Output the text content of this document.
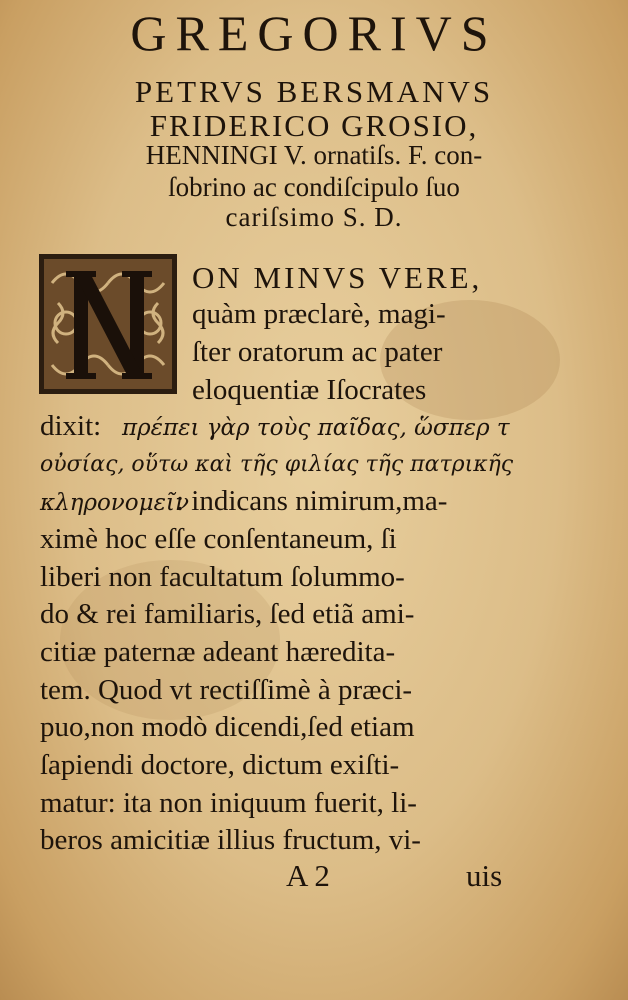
GREGORIVS
PETRVS BERSMANVS
FRIDERICO GROSIO,
HENNINGI V. ornatiſs. F. con-
ſobrino ac condiſcipulo ſuo
cariſsimo S. D.
ON MINVS VERE,
quàm præclarè, magi-
ſter oratorum ac pater
eloquentiæ Iſocrates
dixit: πρέπει γὰρ τοὺς παῖδας, ὥσπερ τ
οὐσίας, οὕτω καὶ τῆς φιλίας τῆς πατρικῆς
κληρονομεῖν
: indicans nimirum,ma-
ximè hoc eſſe conſentaneum, ſi
liberi non facultatum ſolummo-
do & rei familiaris, ſed etiã ami-
citiæ paternæ adeant hæredita-
tem. Quod vt rectiſſimè à præci-
puo,non modò dicendi,ſed etiam
ſapiendi doctore, dictum exiſti-
matur: ita non iniquum fuerit, li-
beros amicitiæ illius fructum, vi-
A 2	uis
